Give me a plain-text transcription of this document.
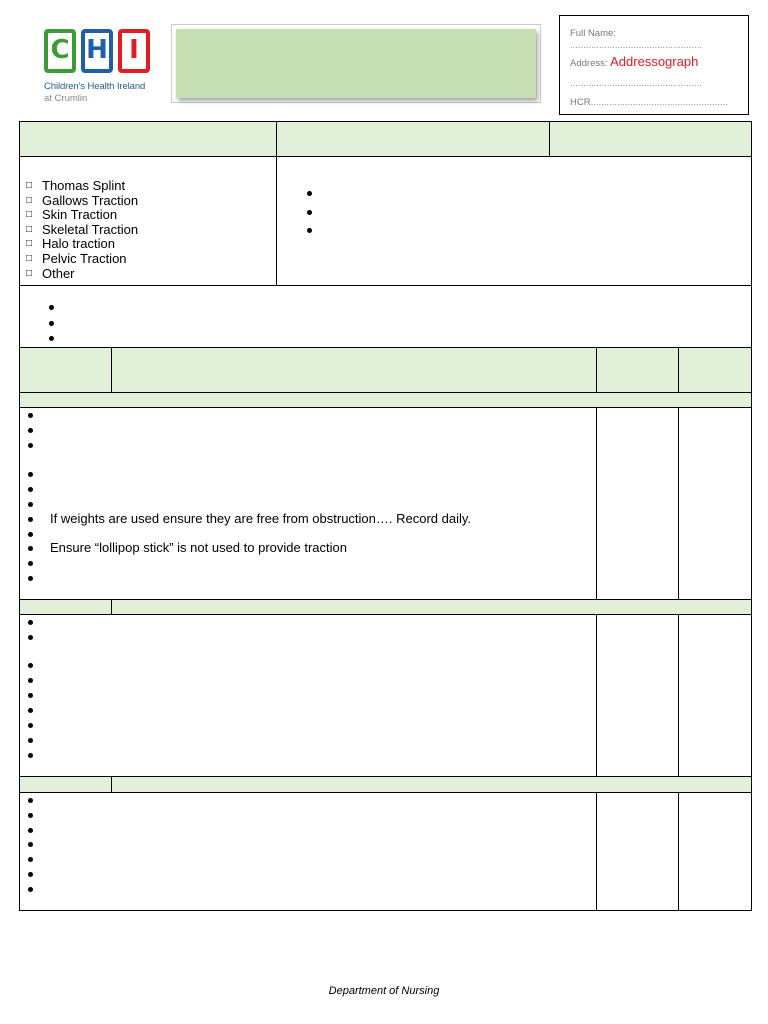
C H I
Children's Health Ireland
at Crumlin
Full Name:
..................................................
Address: Addressograph
..................................................
HCR....................................................
□ Thomas Splint
□ Gallows Traction
□ Skin Traction
□ Skeletal Traction
□ Halo traction
□ Pelvic Traction
□ Other
If weights are used ensure they are free from obstruction…. Record daily.
Ensure “lollipop stick” is not used to provide traction
Department of Nursing
